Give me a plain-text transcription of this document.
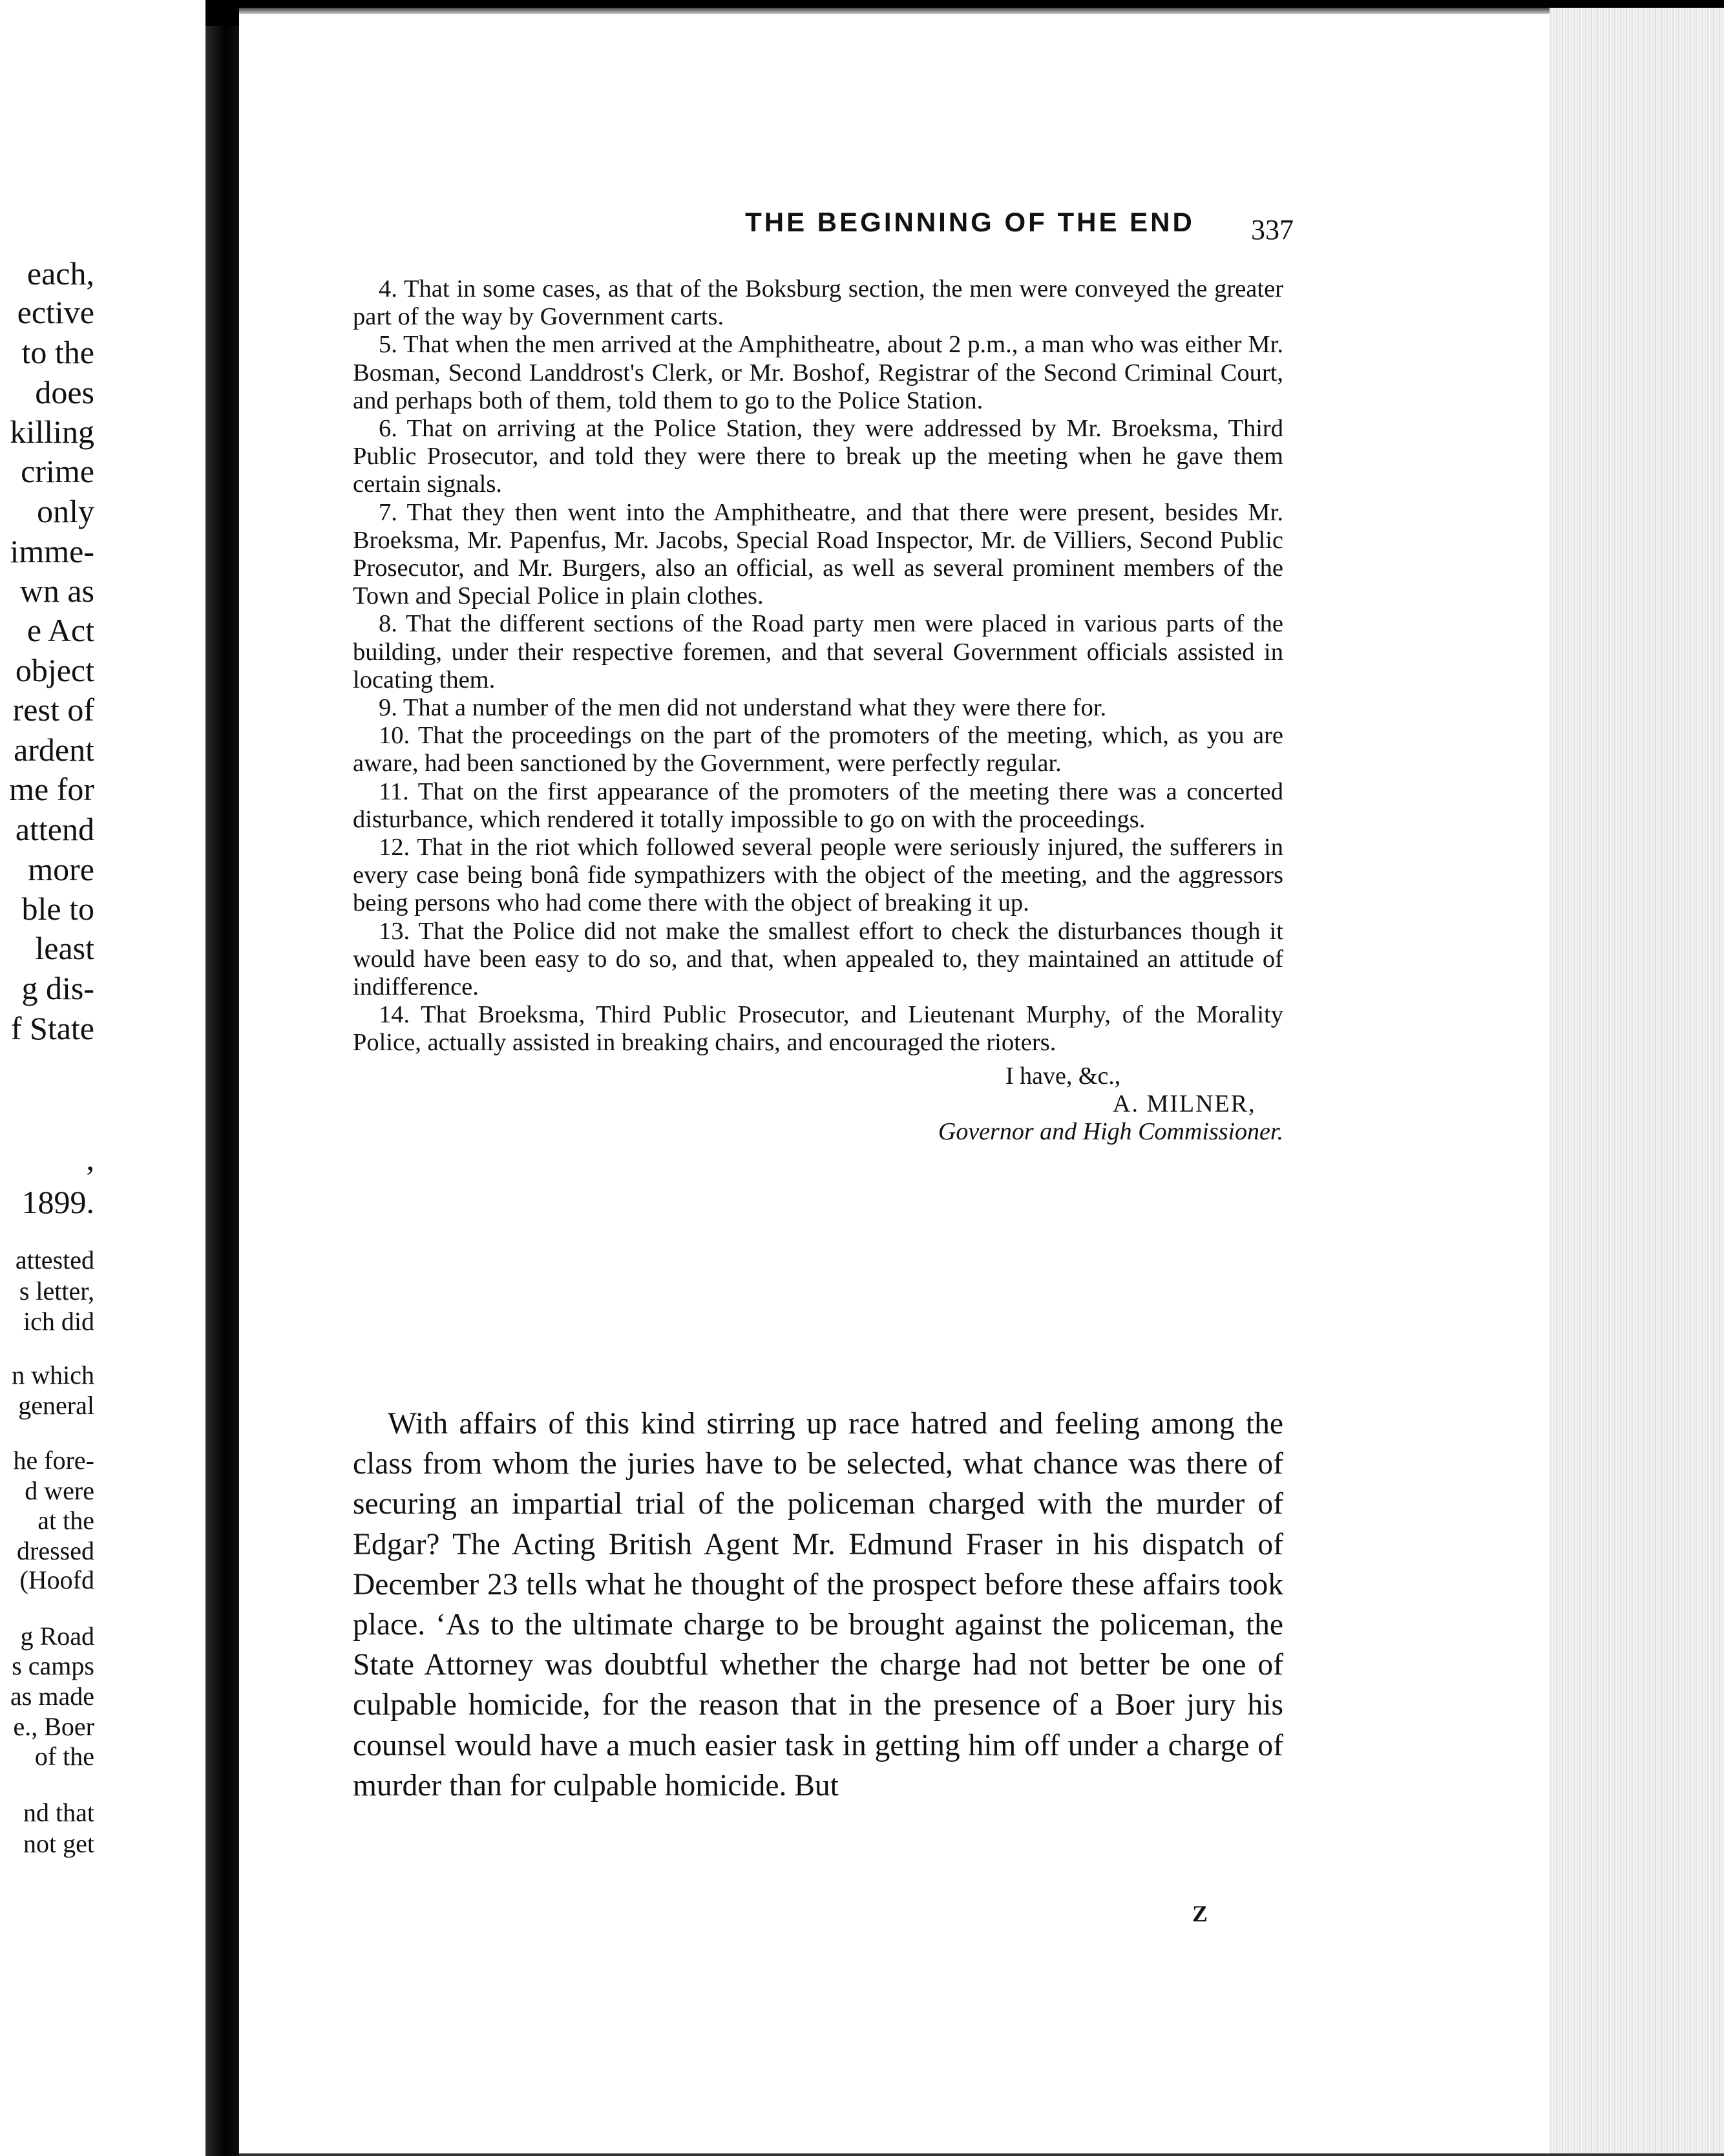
each,
ective
to the
does
killing
crime
only
imme-
wn as
e Act
object
rest of
ardent
me for
attend
more
ble to
least
g dis-
f State
,
1899.
attested
s letter,
ich did
n which
general
he fore-
d were
at the
dressed
(Hoofd
g Road
s camps
as made
e., Boer
of the
nd that
not get
THE BEGINNING OF THE END	337

4. That in some cases, as that of the Boksburg section, the men were conveyed the greater part of the way by Government carts.

5. That when the men arrived at the Amphitheatre, about 2 p.m., a man who was either Mr. Bosman, Second Landdrost's Clerk, or Mr. Boshof, Registrar of the Second Criminal Court, and perhaps both of them, told them to go to the Police Station.

6. That on arriving at the Police Station, they were addressed by Mr. Broeksma, Third Public Prosecutor, and told they were there to break up the meeting when he gave them certain signals.

7. That they then went into the Amphitheatre, and that there were present, besides Mr. Broeksma, Mr. Papenfus, Mr. Jacobs, Special Road Inspector, Mr. de Villiers, Second Public Prosecutor, and Mr. Burgers, also an official, as well as several prominent members of the Town and Special Police in plain clothes.

8. That the different sections of the Road party men were placed in various parts of the building, under their respective foremen, and that several Government officials assisted in locating them.

9. That a number of the men did not understand what they were there for.

10. That the proceedings on the part of the promoters of the meeting, which, as you are aware, had been sanctioned by the Government, were perfectly regular.

11. That on the first appearance of the promoters of the meeting there was a concerted disturbance, which rendered it totally impossible to go on with the proceedings.

12. That in the riot which followed several people were seriously injured, the sufferers in every case being bonâ fide sympathizers with the object of the meeting, and the aggressors being persons who had come there with the object of breaking it up.

13. That the Police did not make the smallest effort to check the disturbances though it would have been easy to do so, and that, when appealed to, they maintained an attitude of indifference.

14. That Broeksma, Third Public Prosecutor, and Lieutenant Murphy, of the Morality Police, actually assisted in breaking chairs, and encouraged the rioters.

I have, &c.,
A. MILNER,
Governor and High Commissioner.

With affairs of this kind stirring up race hatred and feeling among the class from whom the juries have to be selected, what chance was there of securing an impartial trial of the policeman charged with the murder of Edgar? The Acting British Agent Mr. Edmund Fraser in his dispatch of December 23 tells what he thought of the prospect before these affairs took place. ‘As to the ultimate charge to be brought against the policeman, the State Attorney was doubtful whether the charge had not better be one of culpable homicide, for the reason that in the presence of a Boer jury his counsel would have a much easier task in getting him off under a charge of murder than for culpable homicide. But

Z
